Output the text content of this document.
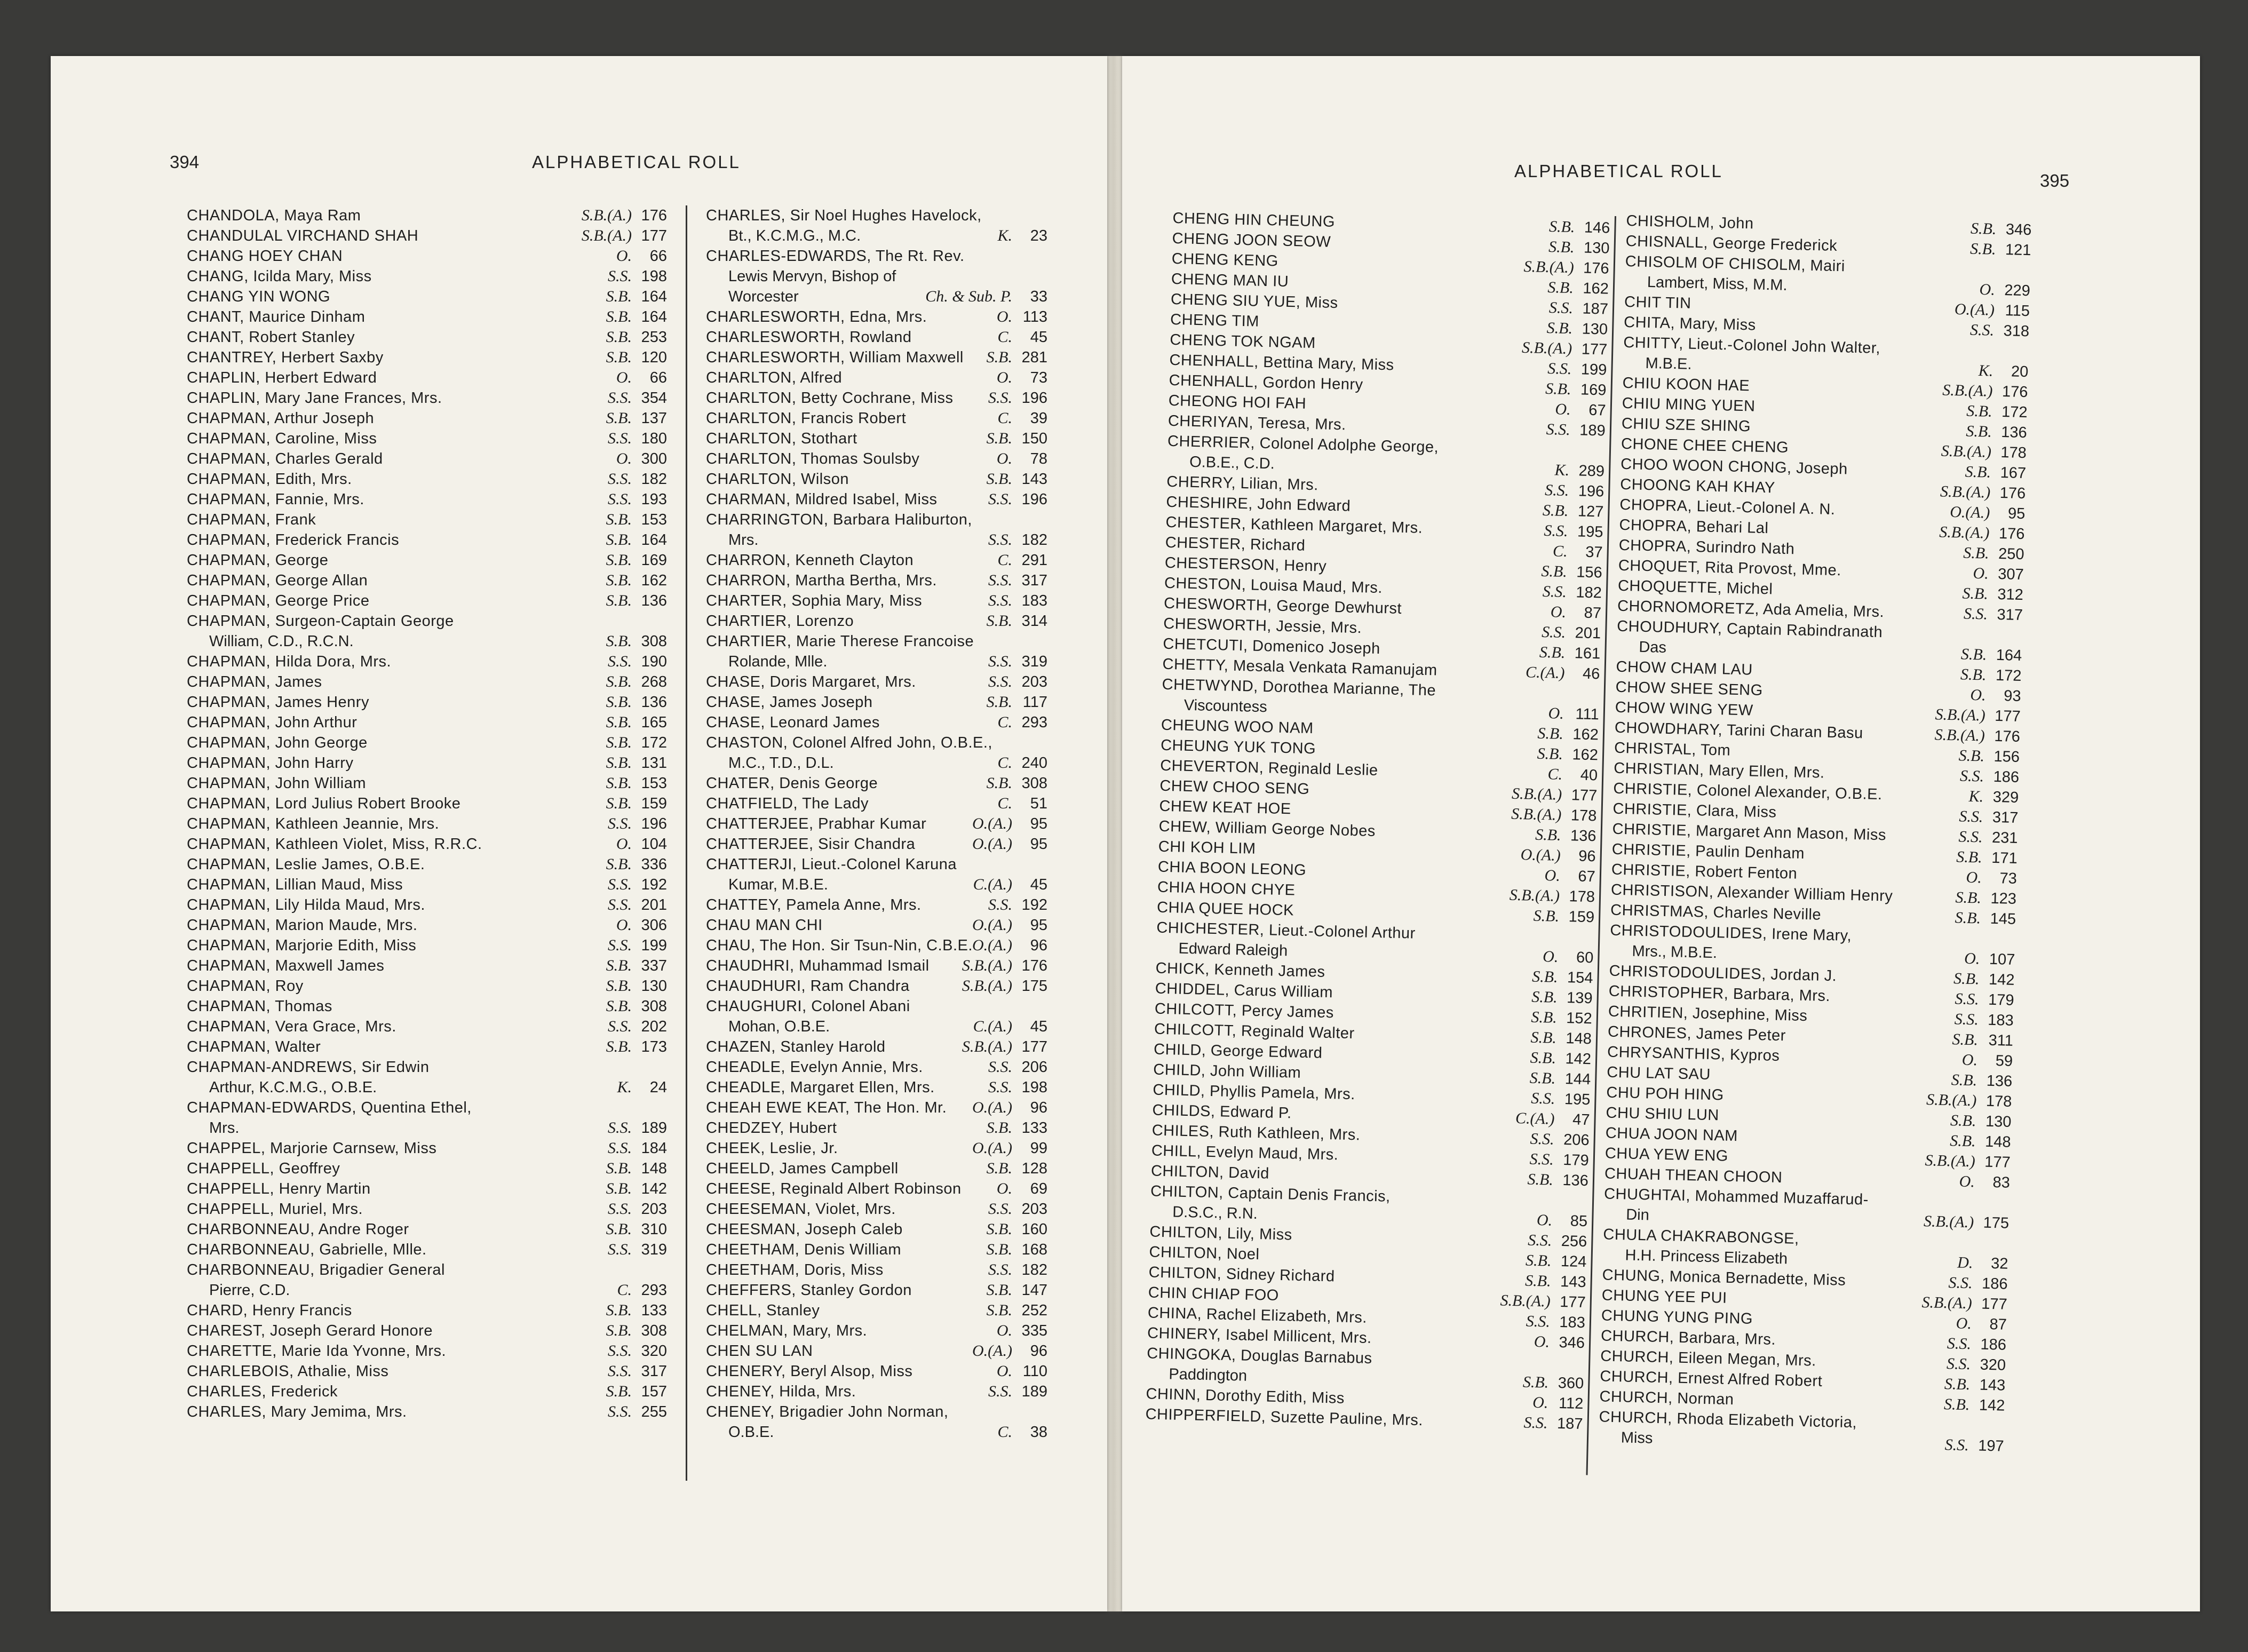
394	ALPHABETICAL ROLL
CHANDOLA, Maya Ram	S.B.(A.) 176
CHANDULAL VIRCHAND SHAH	S.B.(A.) 177
CHANG HOEY CHAN	O. 66
CHANG, Icilda Mary, Miss	S.S. 198
CHANG YIN WONG	S.B. 164
CHANT, Maurice Dinham	S.B. 164
CHANT, Robert Stanley	S.B. 253
CHANTREY, Herbert Saxby	S.B. 120
CHAPLIN, Herbert Edward	O. 66
CHAPLIN, Mary Jane Frances, Mrs.	S.S. 354
CHAPMAN, Arthur Joseph	S.B. 137
CHAPMAN, Caroline, Miss	S.S. 180
CHAPMAN, Charles Gerald	O. 300
CHAPMAN, Edith, Mrs.	S.S. 182
CHAPMAN, Fannie, Mrs.	S.S. 193
CHAPMAN, Frank	S.B. 153
CHAPMAN, Frederick Francis	S.B. 164
CHAPMAN, George	S.B. 169
CHAPMAN, George Allan	S.B. 162
CHAPMAN, George Price	S.B. 136
CHAPMAN, Surgeon-Captain George
William, C.D., R.C.N.	S.B. 308
CHAPMAN, Hilda Dora, Mrs.	S.S. 190
CHAPMAN, James	S.B. 268
CHAPMAN, James Henry	S.B. 136
CHAPMAN, John Arthur	S.B. 165
CHAPMAN, John George	S.B. 172
CHAPMAN, John Harry	S.B. 131
CHAPMAN, John William	S.B. 153
CHAPMAN, Lord Julius Robert Brooke	S.B. 159
CHAPMAN, Kathleen Jeannie, Mrs.	S.S. 196
CHAPMAN, Kathleen Violet, Miss, R.R.C.	O. 104
CHAPMAN, Leslie James, O.B.E.	S.B. 336
CHAPMAN, Lillian Maud, Miss	S.S. 192
CHAPMAN, Lily Hilda Maud, Mrs.	S.S. 201
CHAPMAN, Marion Maude, Mrs.	O. 306
CHAPMAN, Marjorie Edith, Miss	S.S. 199
CHAPMAN, Maxwell James	S.B. 337
CHAPMAN, Roy	S.B. 130
CHAPMAN, Thomas	S.B. 308
CHAPMAN, Vera Grace, Mrs.	S.S. 202
CHAPMAN, Walter	S.B. 173
CHAPMAN-ANDREWS, Sir Edwin
Arthur, K.C.M.G., O.B.E.	K. 24
CHAPMAN-EDWARDS, Quentina Ethel,
Mrs.	S.S. 189
CHAPPEL, Marjorie Carnsew, Miss	S.S. 184
CHAPPELL, Geoffrey	S.B. 148
CHAPPELL, Henry Martin	S.B. 142
CHAPPELL, Muriel, Mrs.	S.S. 203
CHARBONNEAU, Andre Roger	S.B. 310
CHARBONNEAU, Gabrielle, Mlle.	S.S. 319
CHARBONNEAU, Brigadier General
Pierre, C.D.	C. 293
CHARD, Henry Francis	S.B. 133
CHAREST, Joseph Gerard Honore	S.B. 308
CHARETTE, Marie Ida Yvonne, Mrs.	S.S. 320
CHARLEBOIS, Athalie, Miss	S.S. 317
CHARLES, Frederick	S.B. 157
CHARLES, Mary Jemima, Mrs.	S.S. 255
CHARLES, Sir Noel Hughes Havelock,
Bt., K.C.M.G., M.C.	K. 23
CHARLES-EDWARDS, The Rt. Rev.
Lewis Mervyn, Bishop of
Worcester	Ch. & Sub. P. 33
CHARLESWORTH, Edna, Mrs.	O. 113
CHARLESWORTH, Rowland	C. 45
CHARLESWORTH, William Maxwell	S.B. 281
CHARLTON, Alfred	O. 73
CHARLTON, Betty Cochrane, Miss	S.S. 196
CHARLTON, Francis Robert	C. 39
CHARLTON, Stothart	S.B. 150
CHARLTON, Thomas Soulsby	O. 78
CHARLTON, Wilson	S.B. 143
CHARMAN, Mildred Isabel, Miss	S.S. 196
CHARRINGTON, Barbara Haliburton,
Mrs.	S.S. 182
CHARRON, Kenneth Clayton	C. 291
CHARRON, Martha Bertha, Mrs.	S.S. 317
CHARTER, Sophia Mary, Miss	S.S. 183
CHARTIER, Lorenzo	S.B. 314
CHARTIER, Marie Therese Francoise
Rolande, Mlle.	S.S. 319
CHASE, Doris Margaret, Mrs.	S.S. 203
CHASE, James Joseph	S.B. 117
CHASE, Leonard James	C. 293
CHASTON, Colonel Alfred John, O.B.E.,
M.C., T.D., D.L.	C. 240
CHATER, Denis George	S.B. 308
CHATFIELD, The Lady	C. 51
CHATTERJEE, Prabhar Kumar	O.(A.) 95
CHATTERJEE, Sisir Chandra	O.(A.) 95
CHATTERJI, Lieut.-Colonel Karuna
Kumar, M.B.E.	C.(A.) 45
CHATTEY, Pamela Anne, Mrs.	S.S. 192
CHAU MAN CHI	O.(A.) 95
CHAU, The Hon. Sir Tsun-Nin, C.B.E. O.(A.) 96
CHAUDHRI, Muhammad Ismail	S.B.(A.) 176
CHAUDHURI, Ram Chandra	S.B.(A.) 175
CHAUGHURI, Colonel Abani
Mohan, O.B.E.	C.(A.) 45
CHAZEN, Stanley Harold	S.B.(A.) 177
CHEADLE, Evelyn Annie, Mrs.	S.S. 206
CHEADLE, Margaret Ellen, Mrs.	S.S. 198
CHEAH EWE KEAT, The Hon. Mr.	O.(A.) 96
CHEDZEY, Hubert	S.B. 133
CHEEK, Leslie, Jr.	O.(A.) 99
CHEELD, James Campbell	S.B. 128
CHEESE, Reginald Albert Robinson	O. 69
CHEESEMAN, Violet, Mrs.	S.S. 203
CHEESMAN, Joseph Caleb	S.B. 160
CHEETHAM, Denis William	S.B. 168
CHEETHAM, Doris, Miss	S.S. 182
CHEFFERS, Stanley Gordon	S.B. 147
CHELL, Stanley	S.B. 252
CHELMAN, Mary, Mrs.	O. 335
CHEN SU LAN	O.(A.) 96
CHENERY, Beryl Alsop, Miss	O. 110
CHENEY, Hilda, Mrs.	S.S. 189
CHENEY, Brigadier John Norman,
O.B.E.	C. 38
ALPHABETICAL ROLL	395
CHENG HIN CHEUNG	S.B. 146
CHENG JOON SEOW	S.B. 130
CHENG KENG	S.B.(A.) 176
CHENG MAN IU	S.B. 162
CHENG SIU YUE, Miss	S.S. 187
CHENG TIM	S.B. 130
CHENG TOK NGAM	S.B.(A.) 177
CHENHALL, Bettina Mary, Miss	S.S. 199
CHENHALL, Gordon Henry	S.B. 169
CHEONG HOI FAH	O. 67
CHERIYAN, Teresa, Mrs.	S.S. 189
CHERRIER, Colonel Adolphe George,
O.B.E., C.D.	K. 289
CHERRY, Lilian, Mrs.	S.S. 196
CHESHIRE, John Edward	S.B. 127
CHESTER, Kathleen Margaret, Mrs.	S.S. 195
CHESTER, Richard	C. 37
CHESTERSON, Henry	S.B. 156
CHESTON, Louisa Maud, Mrs.	S.S. 182
CHESWORTH, George Dewhurst	O. 87
CHESWORTH, Jessie, Mrs.	S.S. 201
CHETCUTI, Domenico Joseph	S.B. 161
CHETTY, Mesala Venkata Ramanujam	C.(A.) 46
CHETWYND, Dorothea Marianne, The
Viscountess	O. 111
CHEUNG WOO NAM	S.B. 162
CHEUNG YUK TONG	S.B. 162
CHEVERTON, Reginald Leslie	C. 40
CHEW CHOO SENG	S.B.(A.) 177
CHEW KEAT HOE	S.B.(A.) 178
CHEW, William George Nobes	S.B. 136
CHI KOH LIM	O.(A.) 96
CHIA BOON LEONG	O. 67
CHIA HOON CHYE	S.B.(A.) 178
CHIA QUEE HOCK	S.B. 159
CHICHESTER, Lieut.-Colonel Arthur
Edward Raleigh	O. 60
CHICK, Kenneth James	S.B. 154
CHIDDEL, Carus William	S.B. 139
CHILCOTT, Percy James	S.B. 152
CHILCOTT, Reginald Walter	S.B. 148
CHILD, George Edward	S.B. 142
CHILD, John William	S.B. 144
CHILD, Phyllis Pamela, Mrs.	S.S. 195
CHILDS, Edward P.	C.(A.) 47
CHILES, Ruth Kathleen, Mrs.	S.S. 206
CHILL, Evelyn Maud, Mrs.	S.S. 179
CHILTON, David	S.B. 136
CHILTON, Captain Denis Francis,
D.S.C., R.N.	O. 85
CHILTON, Lily, Miss	S.S. 256
CHILTON, Noel	S.B. 124
CHILTON, Sidney Richard	S.B. 143
CHIN CHIAP FOO	S.B.(A.) 177
CHINA, Rachel Elizabeth, Mrs.	S.S. 183
CHINERY, Isabel Millicent, Mrs.	O. 346
CHINGOKA, Douglas Barnabus
Paddington	S.B. 360
CHINN, Dorothy Edith, Miss	O. 112
CHIPPERFIELD, Suzette Pauline, Mrs.	S.S. 187
CHISHOLM, John	S.B. 346
CHISNALL, George Frederick	S.B. 121
CHISOLM OF CHISOLM, Mairi
Lambert, Miss, M.M.	O. 229
CHIT TIN	O.(A.) 115
CHITA, Mary, Miss	S.S. 318
CHITTY, Lieut.-Colonel John Walter,
M.B.E.	K. 20
CHIU KOON HAE	S.B.(A.) 176
CHIU MING YUEN	S.B. 172
CHIU SZE SHING	S.B. 136
CHONE CHEE CHENG	S.B.(A.) 178
CHOO WOON CHONG, Joseph	S.B. 167
CHOONG KAH KHAY	S.B.(A.) 176
CHOPRA, Lieut.-Colonel A. N.	O.(A.) 95
CHOPRA, Behari Lal	S.B.(A.) 176
CHOPRA, Surindro Nath	S.B. 250
CHOQUET, Rita Provost, Mme.	O. 307
CHOQUETTE, Michel	S.B. 312
CHORNOMORETZ, Ada Amelia, Mrs.	S.S. 317
CHOUDHURY, Captain Rabindranath
Das	S.B. 164
CHOW CHAM LAU	S.B. 172
CHOW SHEE SENG	O. 93
CHOW WING YEW	S.B.(A.) 177
CHOWDHARY, Tarini Charan Basu	S.B.(A.) 176
CHRISTAL, Tom	S.B. 156
CHRISTIAN, Mary Ellen, Mrs.	S.S. 186
CHRISTIE, Colonel Alexander, O.B.E.	K. 329
CHRISTIE, Clara, Miss	S.S. 317
CHRISTIE, Margaret Ann Mason, Miss	S.S. 231
CHRISTIE, Paulin Denham	S.B. 171
CHRISTIE, Robert Fenton	O. 73
CHRISTISON, Alexander William Henry	S.B. 123
CHRISTMAS, Charles Neville	S.B. 145
CHRISTODOULIDES, Irene Mary,
Mrs., M.B.E.	O. 107
CHRISTODOULIDES, Jordan J.	S.B. 142
CHRISTOPHER, Barbara, Mrs.	S.S. 179
CHRITIEN, Josephine, Miss	S.S. 183
CHRONES, James Peter	S.B. 311
CHRYSANTHIS, Kypros	O. 59
CHU LAT SAU	S.B. 136
CHU POH HING	S.B.(A.) 178
CHU SHIU LUN	S.B. 130
CHUA JOON NAM	S.B. 148
CHUA YEW ENG	S.B.(A.) 177
CHUAH THEAN CHOON	O. 83
CHUGHTAI, Mohammed Muzaffarud-
Din	S.B.(A.) 175
CHULA CHAKRABONGSE,
H.H. Princess Elizabeth	D. 32
CHUNG, Monica Bernadette, Miss	S.S. 186
CHUNG YEE PUI	S.B.(A.) 177
CHUNG YUNG PING	O. 87
CHURCH, Barbara, Mrs.	S.S. 186
CHURCH, Eileen Megan, Mrs.	S.S. 320
CHURCH, Ernest Alfred Robert	S.B. 143
CHURCH, Norman	S.B. 142
CHURCH, Rhoda Elizabeth Victoria,
Miss	S.S. 197
